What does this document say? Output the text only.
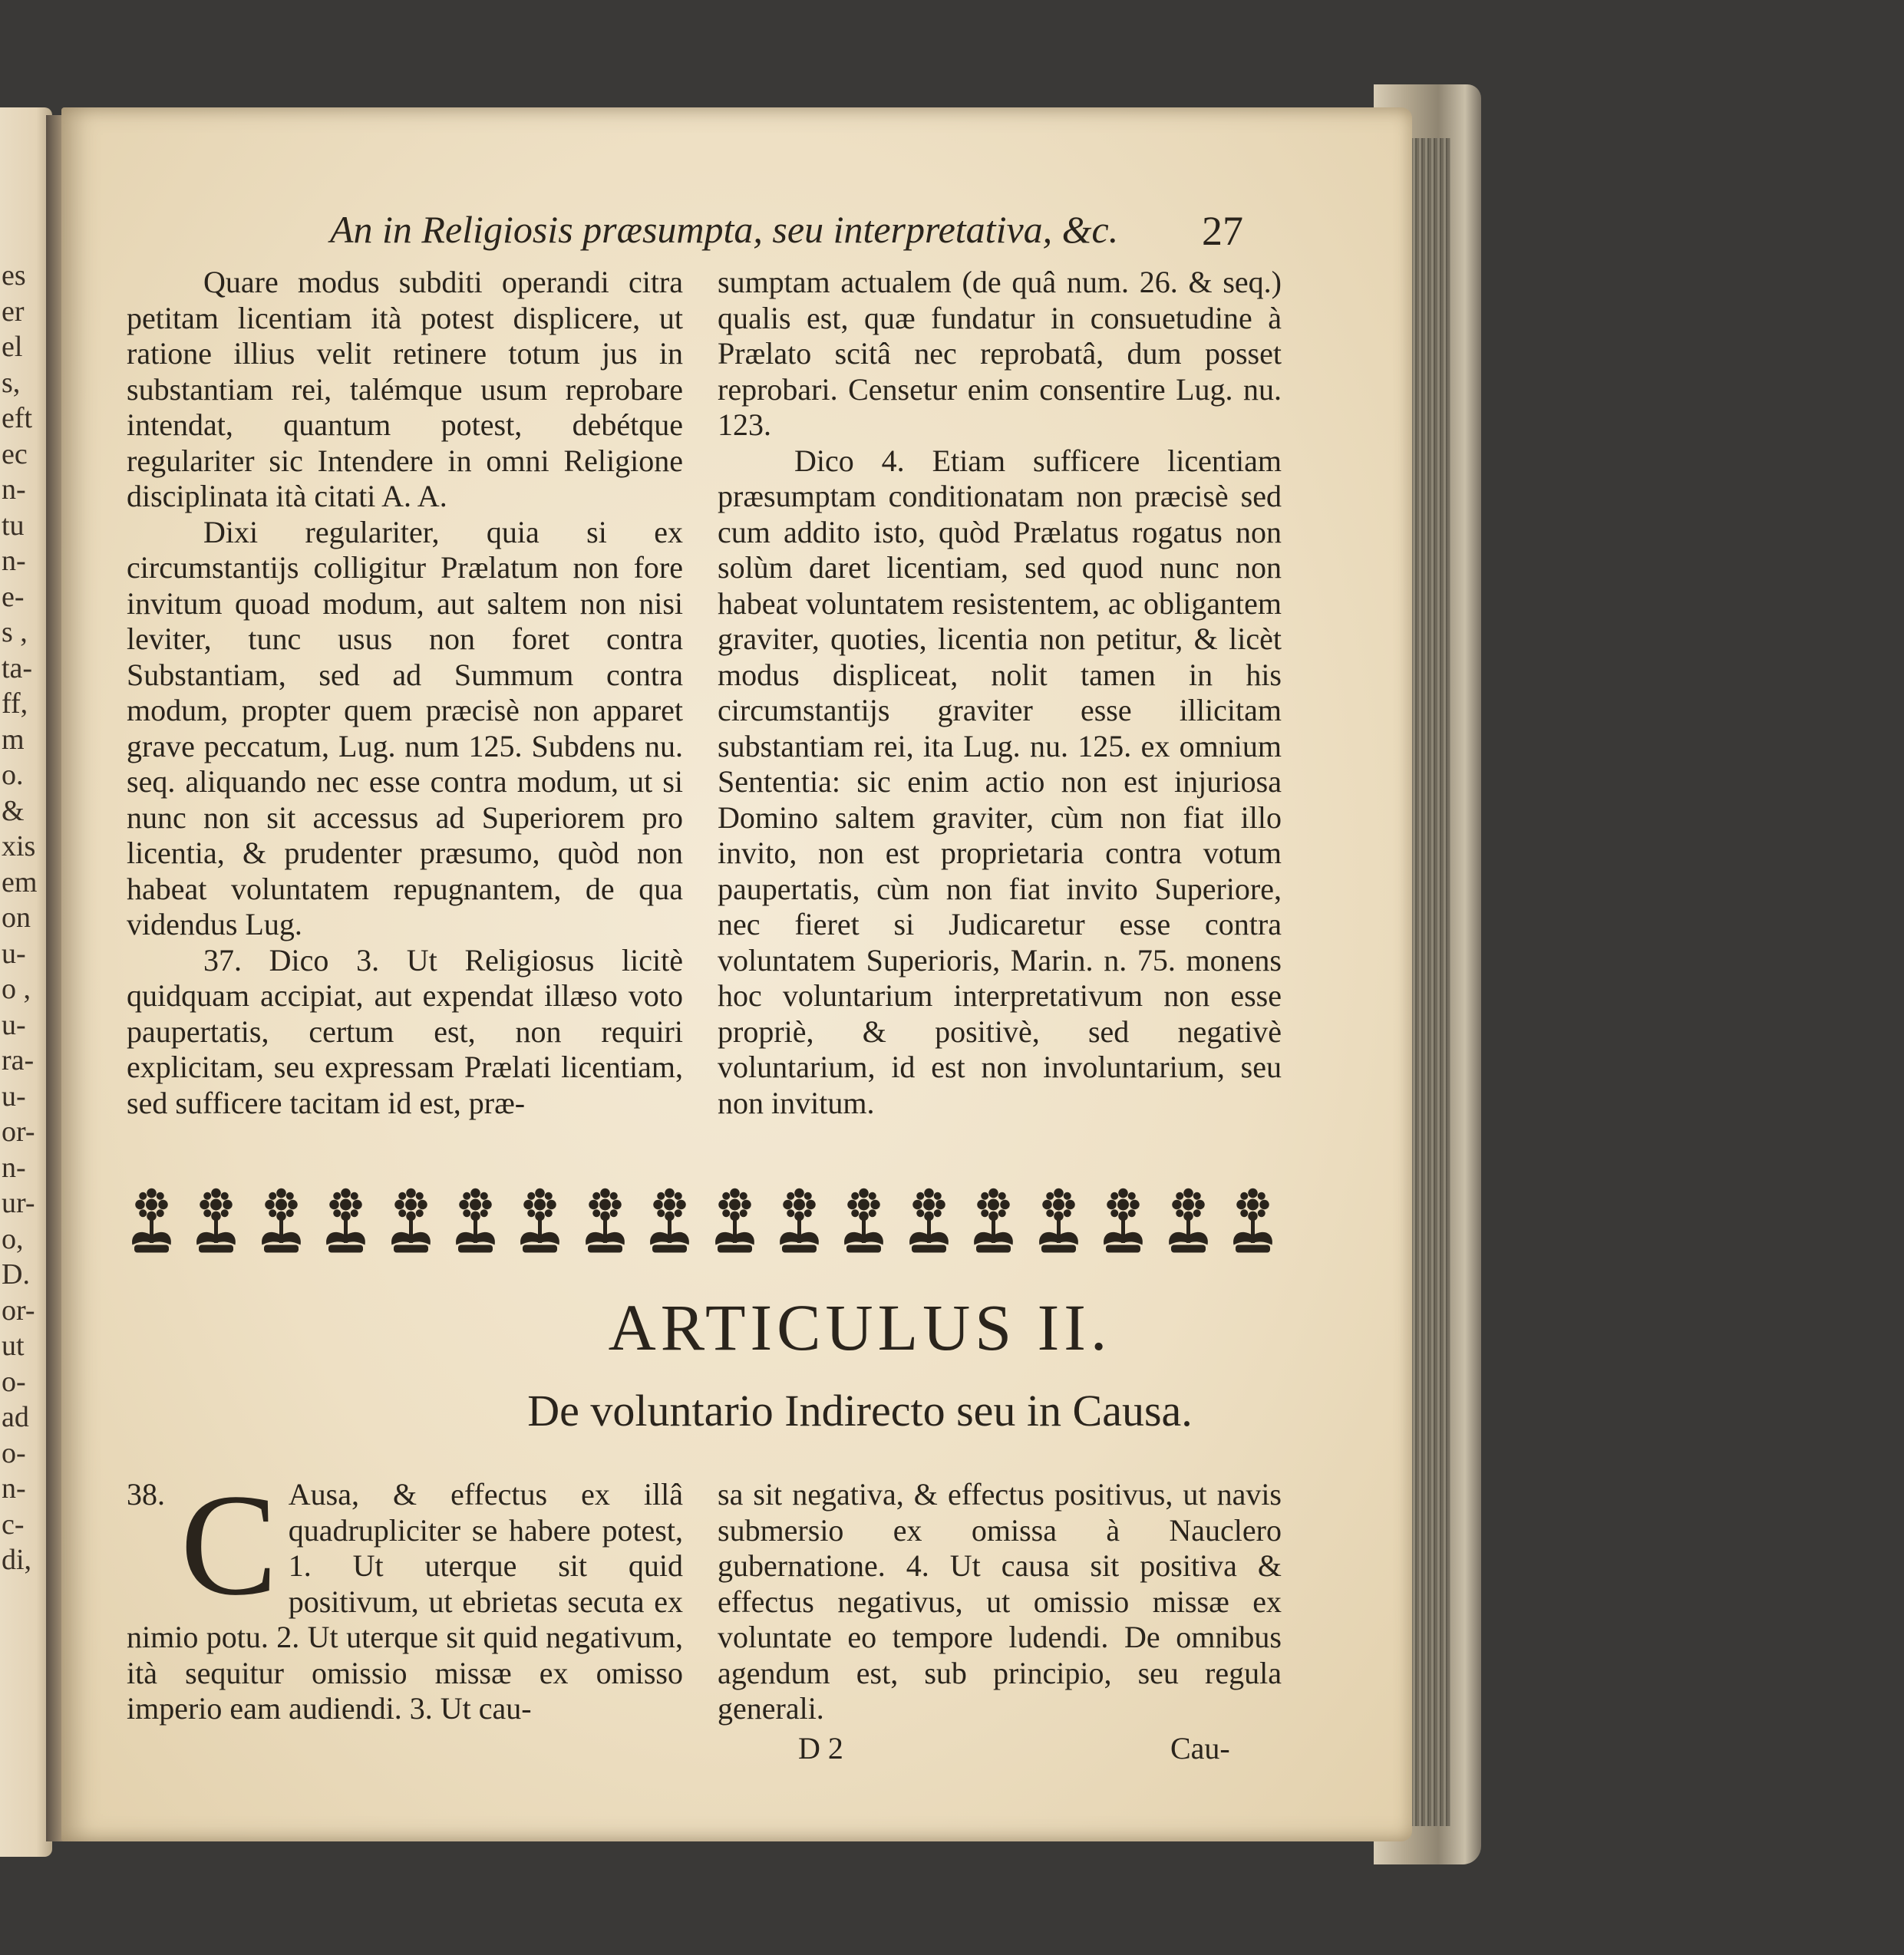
es
er
el
s,
eft
ec
n-
tu
n-
e-
s ,
ta-
ff,
m
o.
&
xis
em
on
u-
o ,
u-
ra-
u-
or-
n-
ur-
o,
D.
or-
ut
o-
ad
o-
n-
c-
di,
An in Religiosis præsumpta, seu interpretativa, &c. 27

Quare modus subditi operandi citra petitam licentiam ità potest displicere, ut ratione illius velit retinere totum jus in substantiam rei, talémque usum reprobare intendat, quantum potest, debétque regulariter sic Intendere in omni Religione disciplinata ità citati A. A.

Dixi regulariter, quia si ex circumstantijs colligitur Prælatum non fore invitum quoad modum, aut saltem non nisi leviter, tunc usus non foret contra Substantiam, sed ad Summum contra modum, propter quem præcisè non apparet grave peccatum, Lug. num 125. Subdens nu. seq. aliquando nec esse contra modum, ut si nunc non sit accessus ad Superiorem pro licentia, & prudenter præsumo, quòd non habeat voluntatem repugnantem, de qua videndus Lug.

37. Dico 3. Ut Religiosus licitè quidquam accipiat, aut expendat illæso voto paupertatis, certum est, non requiri explicitam, seu expressam Prælati licentiam, sed sufficere tacitam id est, præ-

sumptam actualem (de quâ num. 26. & seq.) qualis est, quæ fundatur in consuetudine à Prælato scitâ nec reprobatâ, dum posset reprobari. Censetur enim consentire Lug. nu. 123.

Dico 4. Etiam sufficere licentiam præsumptam conditionatam non præcisè sed cum addito isto, quòd Prælatus rogatus non solùm daret licentiam, sed quod nunc non habeat voluntatem resistentem, ac obligantem graviter, quoties, licentia non petitur, & licèt modus displiceat, nolit tamen in his circumstantijs graviter esse illicitam substantiam rei, ita Lug. nu. 125. ex omnium Sententia: sic enim actio non est injuriosa Domino saltem graviter, cùm non fiat illo invito, non est proprietaria contra votum paupertatis, cùm non fiat invito Superiore, nec fieret si Judicaretur esse contra voluntatem Superioris, Marin. n. 75. monens hoc voluntarium interpretativum non esse propriè, & positivè, sed negativè voluntarium, id est non involuntarium, seu non invitum.

ARTICULUS II.
De voluntario Indirecto seu in Causa.
38. C Ausa, & effectus ex illâ quadrupliciter se habere potest, 1. Ut uterque sit quid positivum, ut ebrietas secuta ex nimio potu. 2. Ut uterque sit quid negativum, ità sequitur omissio missæ ex omisso imperio eam audiendi. 3. Ut cau-
sa sit negativa, & effectus positivus, ut navis submersio ex omissa à Nauclero gubernatione. 4. Ut causa sit positiva & effectus negativus, ut omissio missæ ex voluntate eo tempore ludendi. De omnibus agendum est, sub principio, seu regula generali.
D 2	Cau-
